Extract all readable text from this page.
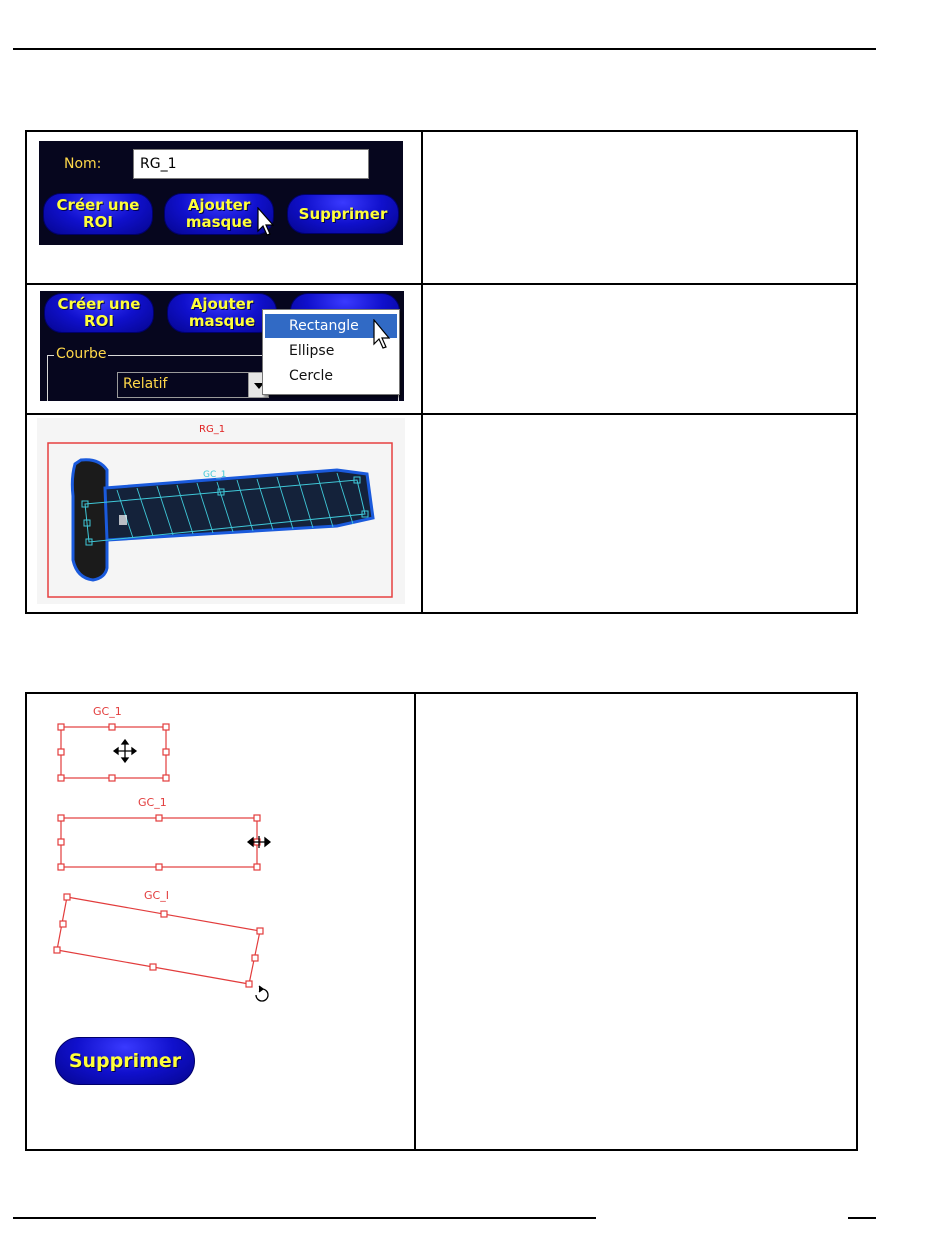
Nom:	RG_1
Créer une
ROI
Ajouter
masque	Supprimer
Créer une
ROI
Ajouter
masque
Courbe
Relatif
Rectangle
Ellipse
Cercle
RG_1
GC_1
GC_1
GC_1
GC_I
Supprimer
